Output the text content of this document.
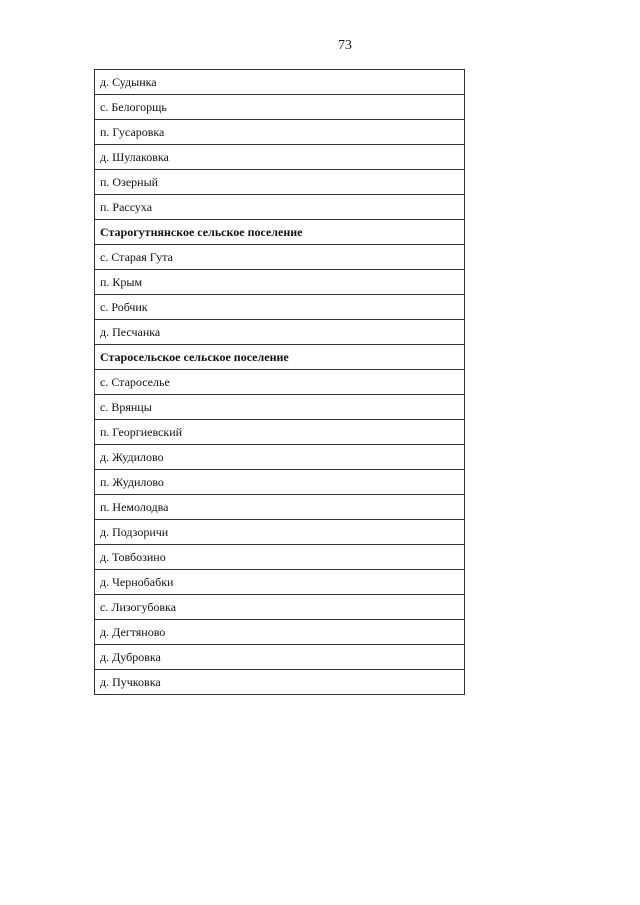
73
д. Судынка
с. Белогорщь
п. Гусаровка
д. Шулаковка
п. Озерный
п. Рассуха
Старогутнянское сельское поселение
с. Старая Гута
п. Крым
с. Робчик
д. Песчанка
Старосельское сельское поселение
с. Староселье
с. Врянцы
п. Георгиевский
д. Жудилово
п. Жудилово
п. Немолодва
д. Подзоричи
д. Товбозино
д. Чернобабки
с. Лизогубовка
д. Дегтяново
д. Дубровка
д. Пучковка
